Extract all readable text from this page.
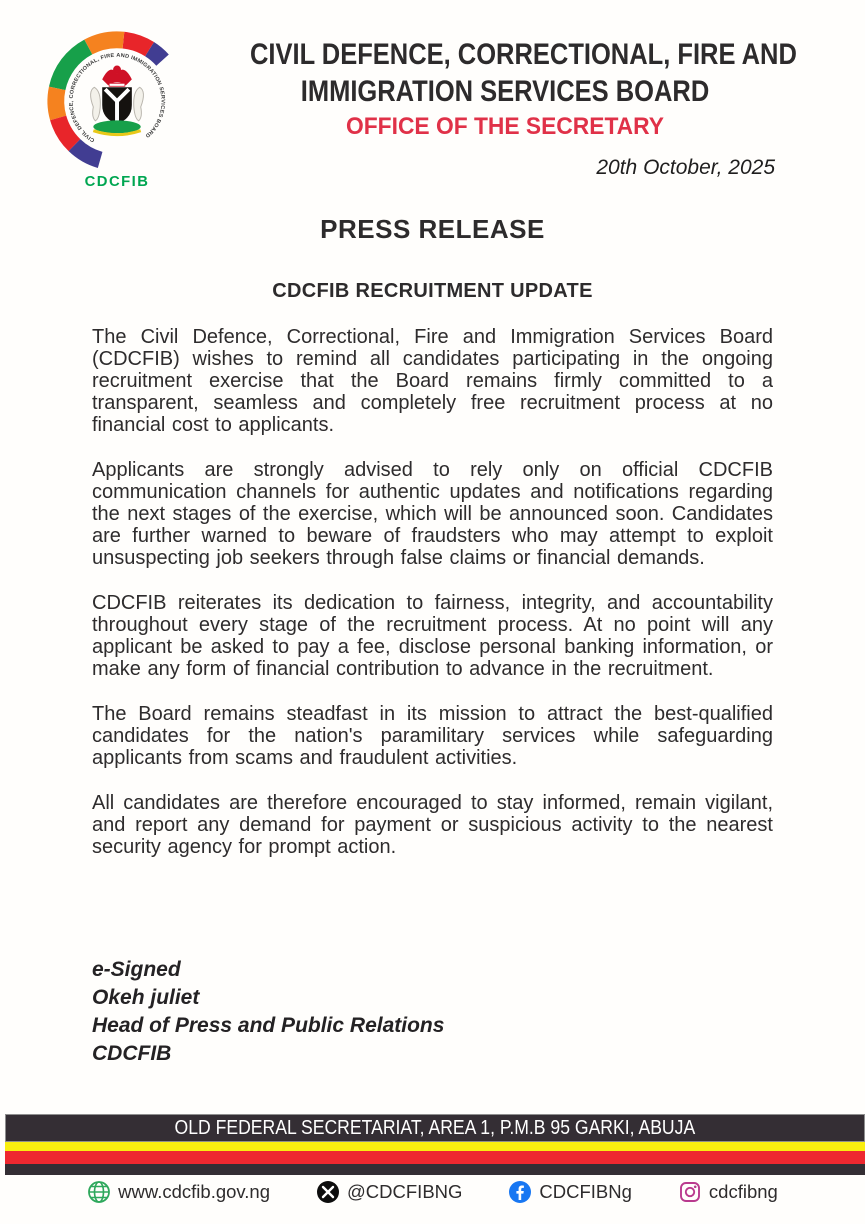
CIVIL DEFENCE, CORRECTIONAL, FIRE AND IMMIGRATION SERVICES BOARD
CDCFIB
CIVIL DEFENCE, CORRECTIONAL, FIRE AND
IMMIGRATION SERVICES BOARD
OFFICE OF THE SECRETARY
20th October, 2025
PRESS RELEASE
CDCFIB RECRUITMENT UPDATE

The Civil Defence, Correctional, Fire and Immigration Services Board (CDCFIB) wishes to remind all candidates participating in the ongoing recruitment exercise that the Board remains firmly committed to a transparent, seamless and completely free recruitment process at no financial cost to applicants.

Applicants are strongly advised to rely only on official CDCFIB communication channels for authentic updates and notifications regarding the next stages of the exercise, which will be announced soon. Candidates are further warned to beware of fraudsters who may attempt to exploit unsuspecting job seekers through false claims or financial demands.

CDCFIB reiterates its dedication to fairness, integrity, and accountability throughout every stage of the recruitment process. At no point will any applicant be asked to pay a fee, disclose personal banking information, or make any form of financial contribution to advance in the recruitment.

The Board remains steadfast in its mission to attract the best-qualified candidates for the nation's paramilitary services while safeguarding applicants from scams and fraudulent activities.

All candidates are therefore encouraged to stay informed, remain vigilant, and report any demand for payment or suspicious activity to the nearest security agency for prompt action.

e-Signed
Okeh juliet
Head of Press and Public Relations
CDCFIB
OLD FEDERAL SECRETARIAT, AREA 1, P.M.B 95 GARKI, ABUJA
www.cdcfib.gov.ng	@CDCFIBNG	CDCFIBNg	cdcfibng
